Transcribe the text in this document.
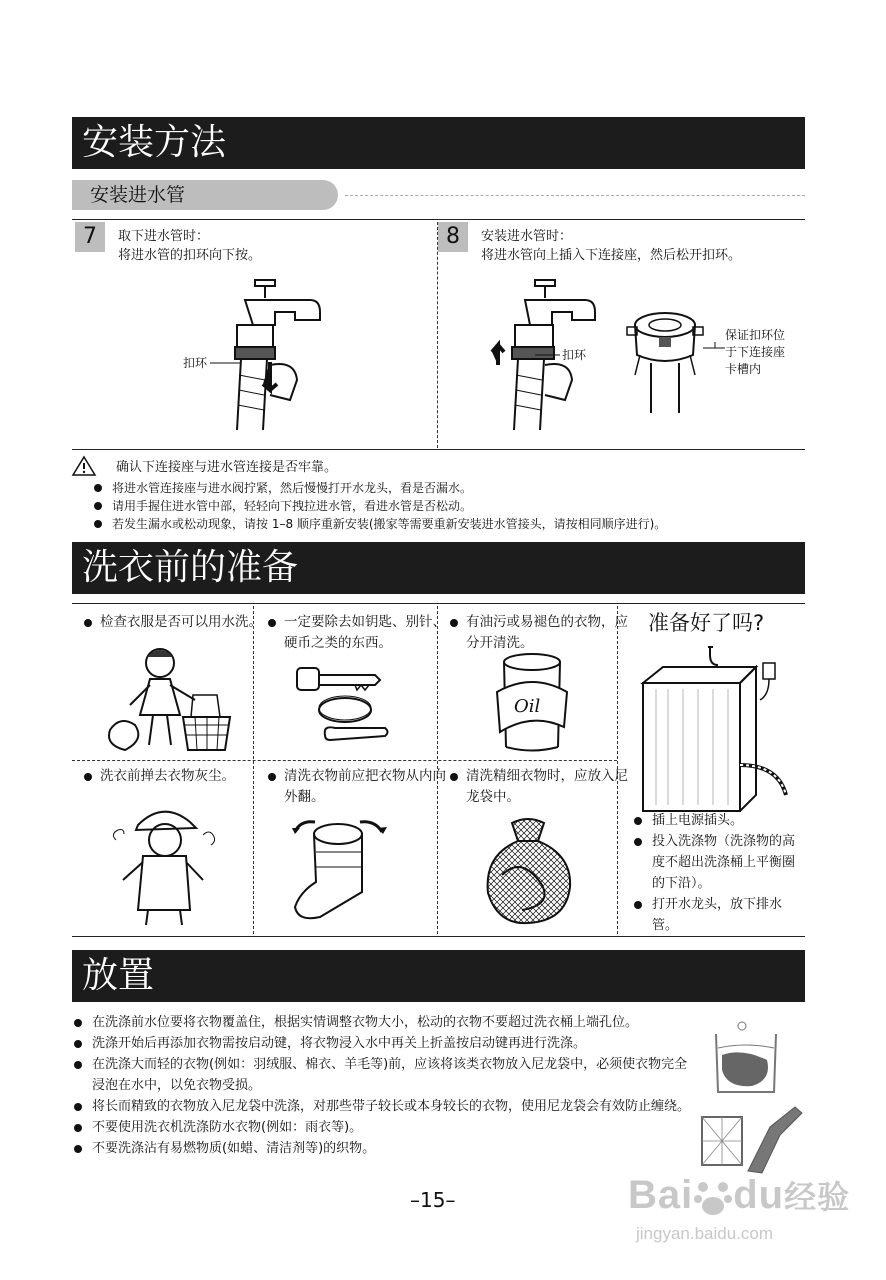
安装方法
安装进水管
7	取下进水管时：
将进水管的扣环向下按。
扣环
8	安装进水管时：
将进水管向上插入下连接座，然后松开扣环。
扣环
保证扣环位
于下连接座
卡槽内
确认下连接座与进水管连接是否牢靠。
将进水管连接座与进水阀拧紧，然后慢慢打开水龙头，看是否漏水。
请用手握住进水管中部，轻轻向下拽拉进水管，看进水管是否松动。
若发生漏水或松动现象，请按 1–8 顺序重新安装(搬家等需要重新安装进水管接头，请按相同顺序进行)。
洗衣前的准备
检查衣服是否可以用水洗。	一定要除去如钥匙、别针、硬币之类的东西。
有油污或易褪色的衣物，应分开清洗。
洗衣前掸去衣物灰尘。	清洗衣物前应把衣物从内向外翻。
清洗精细衣物时，应放入尼龙袋中。
Oil
准备好了吗?
插上电源插头。
投入洗涤物（洗涤物的高度不超出洗涤桶上平衡圈的下沿）。
打开水龙头，放下排水管。
放置
在洗涤前水位要将衣物覆盖住，根据实情调整衣物大小，松动的衣物不要超过洗衣桶上端孔位。
洗涤开始后再添加衣物需按启动键，将衣物浸入水中再关上折盖按启动键再进行洗涤。
在洗涤大而轻的衣物(例如：羽绒服、棉衣、羊毛等)前，应该将该类衣物放入尼龙袋中，必须使衣物完全浸泡在水中，以免衣物受损。
将长而精致的衣物放入尼龙袋中洗涤，对那些带子较长或本身较长的衣物，使用尼龙袋会有效防止缠绕。
不要使用洗衣机洗涤防水衣物(例如：雨衣等)。
不要洗涤沾有易燃物质(如蜡、清洁剂等)的织物。
–15–	Bai du经验
jingyan.baidu.com
